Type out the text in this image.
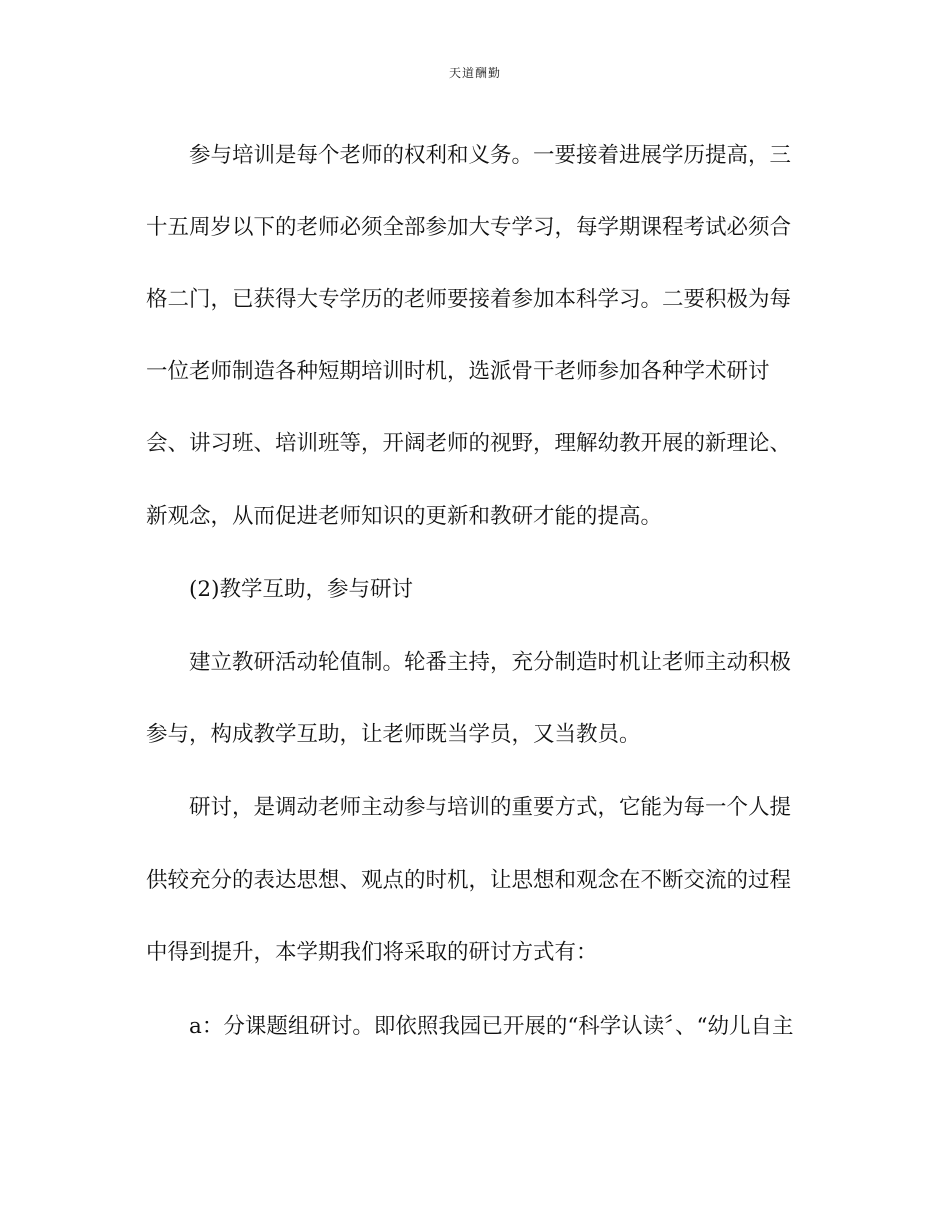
天道酬勤
参与培训是每个老师的权利和义务。一要接着进展学历提高，三
十五周岁以下的老师必须全部参加大专学习，每学期课程考试必须合
格二门，已获得大专学历的老师要接着参加本科学习。二要积极为每
一位老师制造各种短期培训时机，选派骨干老师参加各种学术研讨
会、讲习班、培训班等，开阔老师的视野，理解幼教开展的新理论、
新观念，从而促进老师知识的更新和教研才能的提高。
(2)教学互助，参与研讨
建立教研活动轮值制。轮番主持，充分制造时机让老师主动积极
参与，构成教学互助，让老师既当学员，又当教员。
研讨，是调动老师主动参与培训的重要方式，它能为每一个人提
供较充分的表达思想、观点的时机，让思想和观念在不断交流的过程
中得到提升，本学期我们将采取的研讨方式有：
a：分课题组研讨。即依照我园已开展的“科学认读〞、“幼儿自主
